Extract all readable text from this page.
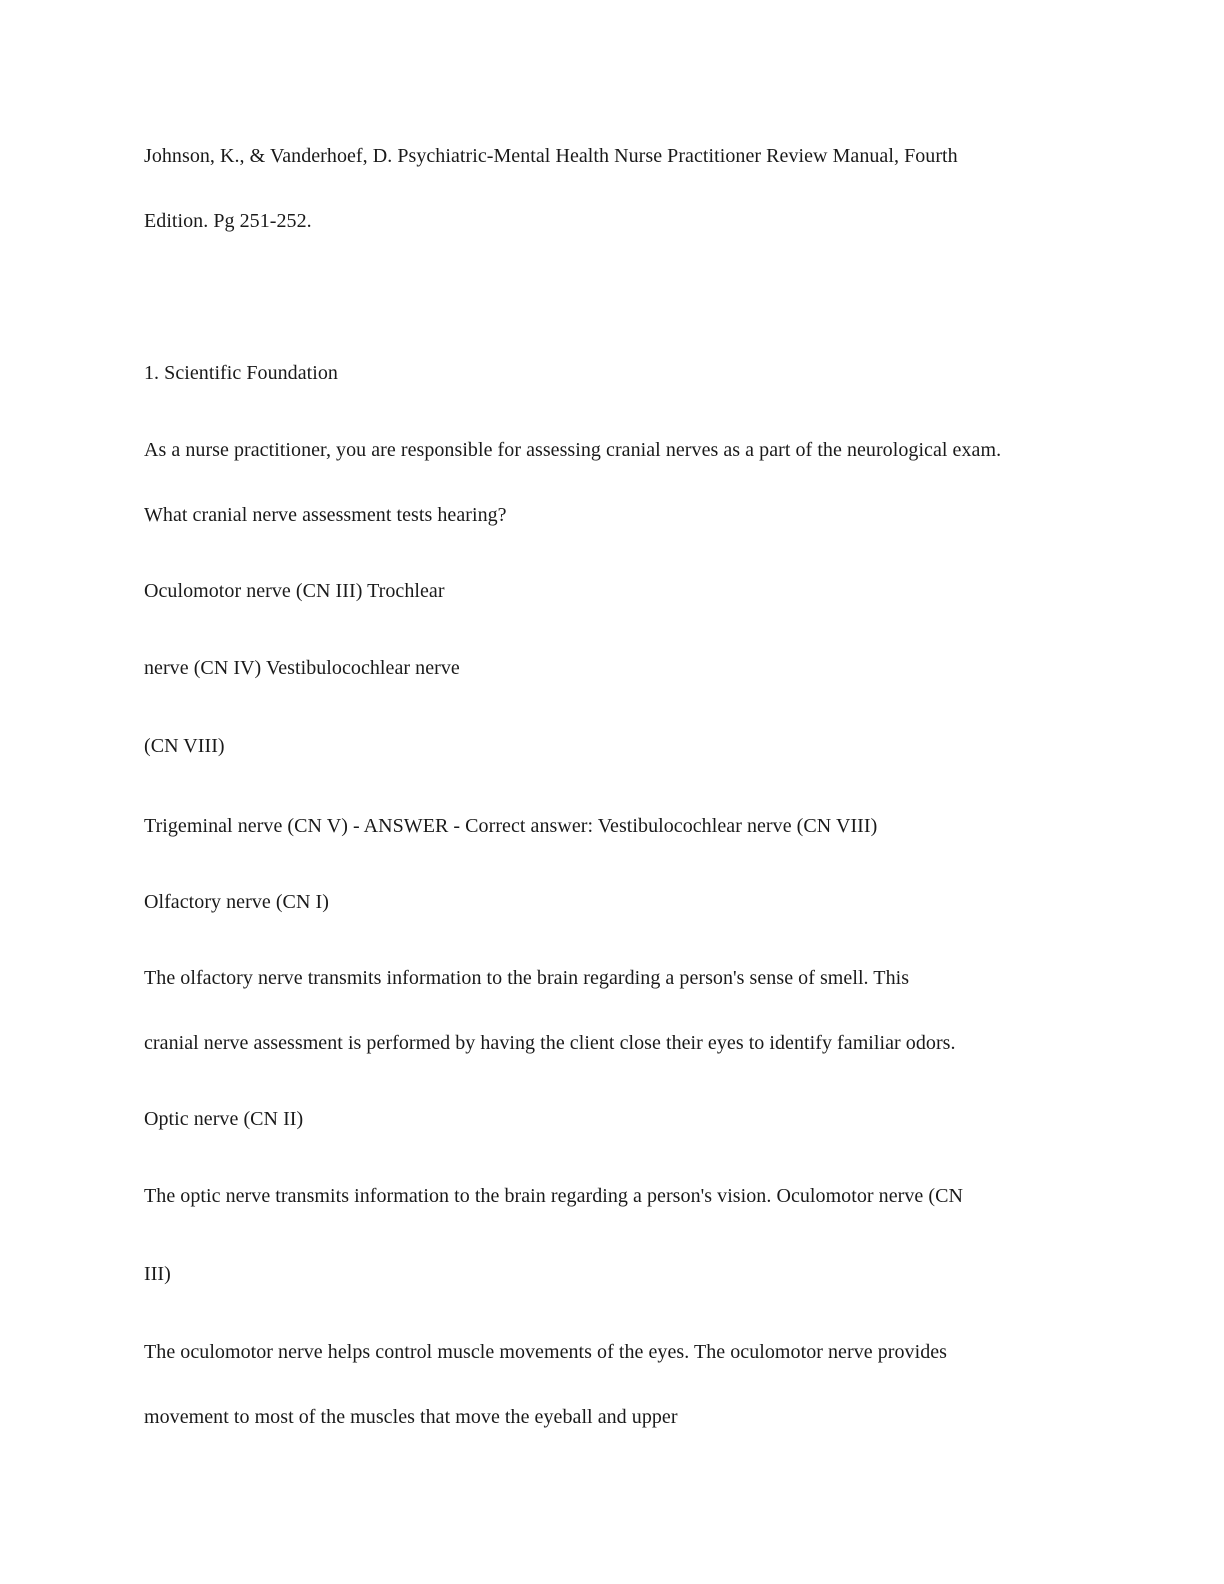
Johnson, K., & Vanderhoef, D. Psychiatric-Mental Health Nurse Practitioner Review Manual, Fourth
Edition. Pg 251-252.
1. Scientific Foundation
As a nurse practitioner, you are responsible for assessing cranial nerves as a part of the neurological exam.
What cranial nerve assessment tests hearing?
Oculomotor nerve (CN III) Trochlear
nerve (CN IV) Vestibulocochlear nerve
(CN VIII)
Trigeminal nerve (CN V) - ANSWER - Correct answer: Vestibulocochlear nerve (CN VIII)
Olfactory nerve (CN I)
The olfactory nerve transmits information to the brain regarding a person's sense of smell. This
cranial nerve assessment is performed by having the client close their eyes to identify familiar odors.
Optic nerve (CN II)
The optic nerve transmits information to the brain regarding a person's vision. Oculomotor nerve (CN
III)
The oculomotor nerve helps control muscle movements of the eyes. The oculomotor nerve provides
movement to most of the muscles that move the eyeball and upper
